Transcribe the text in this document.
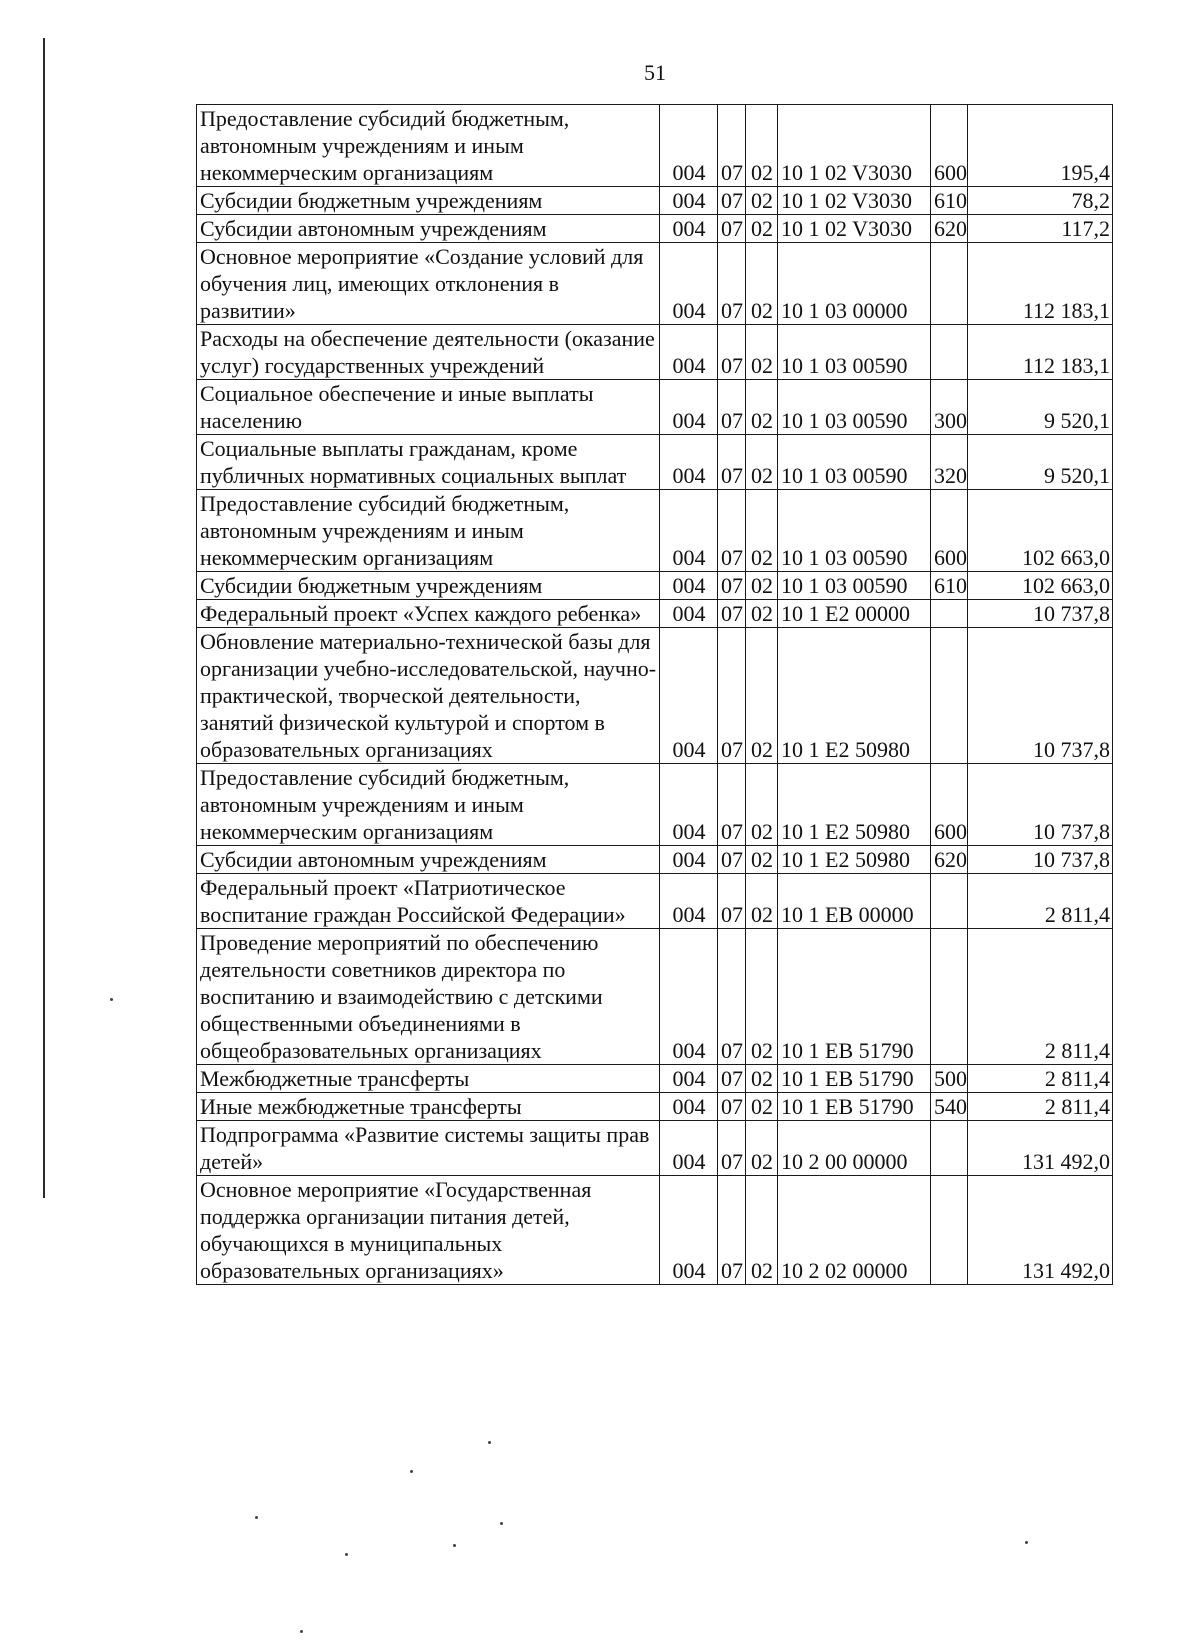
51
Предоставление субсидий бюджетным, автономным учреждениям и иным некоммерческим организациям	004	07	02	10 1 02 V3030	600	195,4
Субсидии бюджетным учреждениям	004	07	02	10 1 02 V3030	610	78,2
Субсидии автономным учреждениям	004	07	02	10 1 02 V3030	620	117,2
Основное мероприятие «Создание условий для обучения лиц, имеющих отклонения в развитии»	004	07	02	10 1 03 00000		112 183,1
Расходы на обеспечение деятельности (оказание услуг) государственных учреждений	004	07	02	10 1 03 00590		112 183,1
Социальное обеспечение и иные выплаты населению	004	07	02	10 1 03 00590	300	9 520,1
Социальные выплаты гражданам, кроме публичных нормативных социальных выплат	004	07	02	10 1 03 00590	320	9 520,1
Предоставление субсидий бюджетным, автономным учреждениям и иным некоммерческим организациям	004	07	02	10 1 03 00590	600	102 663,0
Субсидии бюджетным учреждениям	004	07	02	10 1 03 00590	610	102 663,0
Федеральный проект «Успех каждого ребенка»	004	07	02	10 1 E2 00000		10 737,8
Обновление материально-технической базы для организации учебно-исследовательской, научно-практической, творческой деятельности, занятий физической культурой и спортом в образовательных организациях	004	07	02	10 1 E2 50980		10 737,8
Предоставление субсидий бюджетным, автономным учреждениям и иным некоммерческим организациям	004	07	02	10 1 E2 50980	600	10 737,8
Субсидии автономным учреждениям	004	07	02	10 1 E2 50980	620	10 737,8
Федеральный проект «Патриотическое воспитание граждан Российской Федерации»	004	07	02	10 1 EB 00000		2 811,4
Проведение мероприятий по обеспечению деятельности советников директора по воспитанию и взаимодействию с детскими общественными объединениями в общеобразовательных организациях	004	07	02	10 1 EB 51790		2 811,4
Межбюджетные трансферты	004	07	02	10 1 EB 51790	500	2 811,4
Иные межбюджетные трансферты	004	07	02	10 1 EB 51790	540	2 811,4
Подпрограмма «Развитие системы защиты прав детей»	004	07	02	10 2 00 00000		131 492,0
Основное мероприятие «Государственная поддержка организации питания детей, обучающихся в муниципальных образовательных организациях»	004	07	02	10 2 02 00000		131 492,0
